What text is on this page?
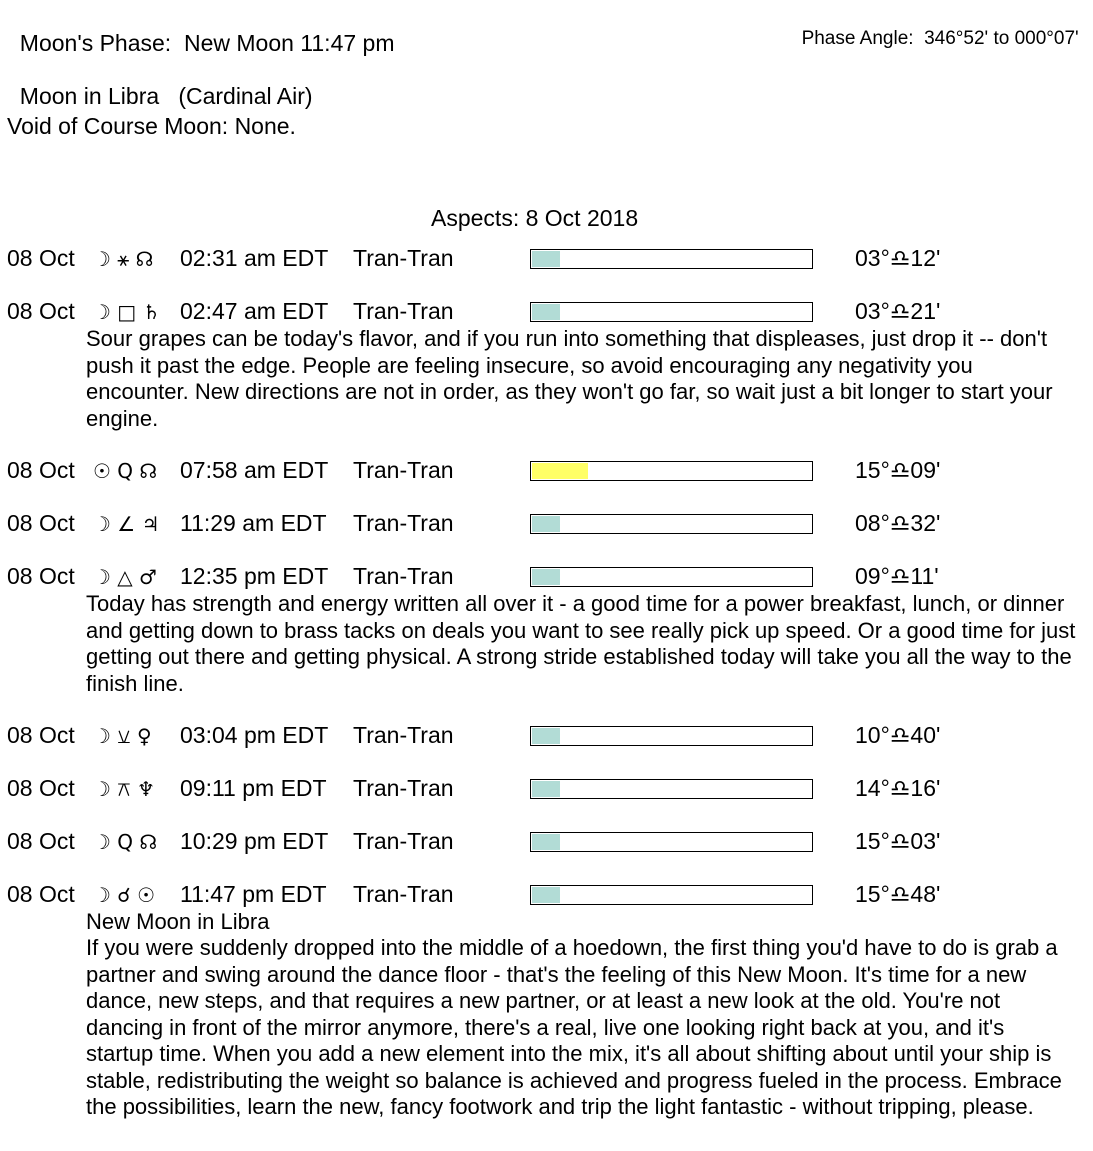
Moon's Phase: New Moon 11:47 pm	Phase Angle: 346°52' to 000°07'

Moon in Libra (Cardinal Air)

Void of Course Moon: None.
Aspects: 8 Oct 2018
08 Oct ☽ ⚹ ☊ 02:31 am EDT Tran-Tran	03°♎12'
08 Oct ☽ □ ♄ 02:47 am EDT Tran-Tran	03°♎21'
Sour grapes can be today's flavor, and if you run into something that displeases, just drop it -- don't push it past the edge. People are feeling insecure, so avoid encouraging any negativity you encounter. New directions are not in order, as they won't go far, so wait just a bit longer to start your engine.
08 Oct ☉ Q ☊ 07:58 am EDT Tran-Tran	15°♎09'
08 Oct ☽ ∠ ♃ 11:29 am EDT Tran-Tran	08°♎32'
08 Oct ☽ △ ♂ 12:35 pm EDT Tran-Tran	09°♎11'
Today has strength and energy written all over it - a good time for a power breakfast, lunch, or dinner and getting down to brass tacks on deals you want to see really pick up speed. Or a good time for just getting out there and getting physical. A strong stride established today will take you all the way to the finish line.
08 Oct ☽ ⚺ ♀ 03:04 pm EDT Tran-Tran	10°♎40'
08 Oct ☽ ⚻ ♆ 09:11 pm EDT Tran-Tran	14°♎16'
08 Oct ☽ Q ☊ 10:29 pm EDT Tran-Tran	15°♎03'
08 Oct ☽ ☌ ☉ 11:47 pm EDT Tran-Tran	15°♎48'
New Moon in Libra
If you were suddenly dropped into the middle of a hoedown, the first thing you'd have to do is grab a partner and swing around the dance floor - that's the feeling of this New Moon. It's time for a new dance, new steps, and that requires a new partner, or at least a new look at the old. You're not dancing in front of the mirror anymore, there's a real, live one looking right back at you, and it's startup time. When you add a new element into the mix, it's all about shifting about until your ship is stable, redistributing the weight so balance is achieved and progress fueled in the process. Embrace the possibilities, learn the new, fancy footwork and trip the light fantastic - without tripping, please.
